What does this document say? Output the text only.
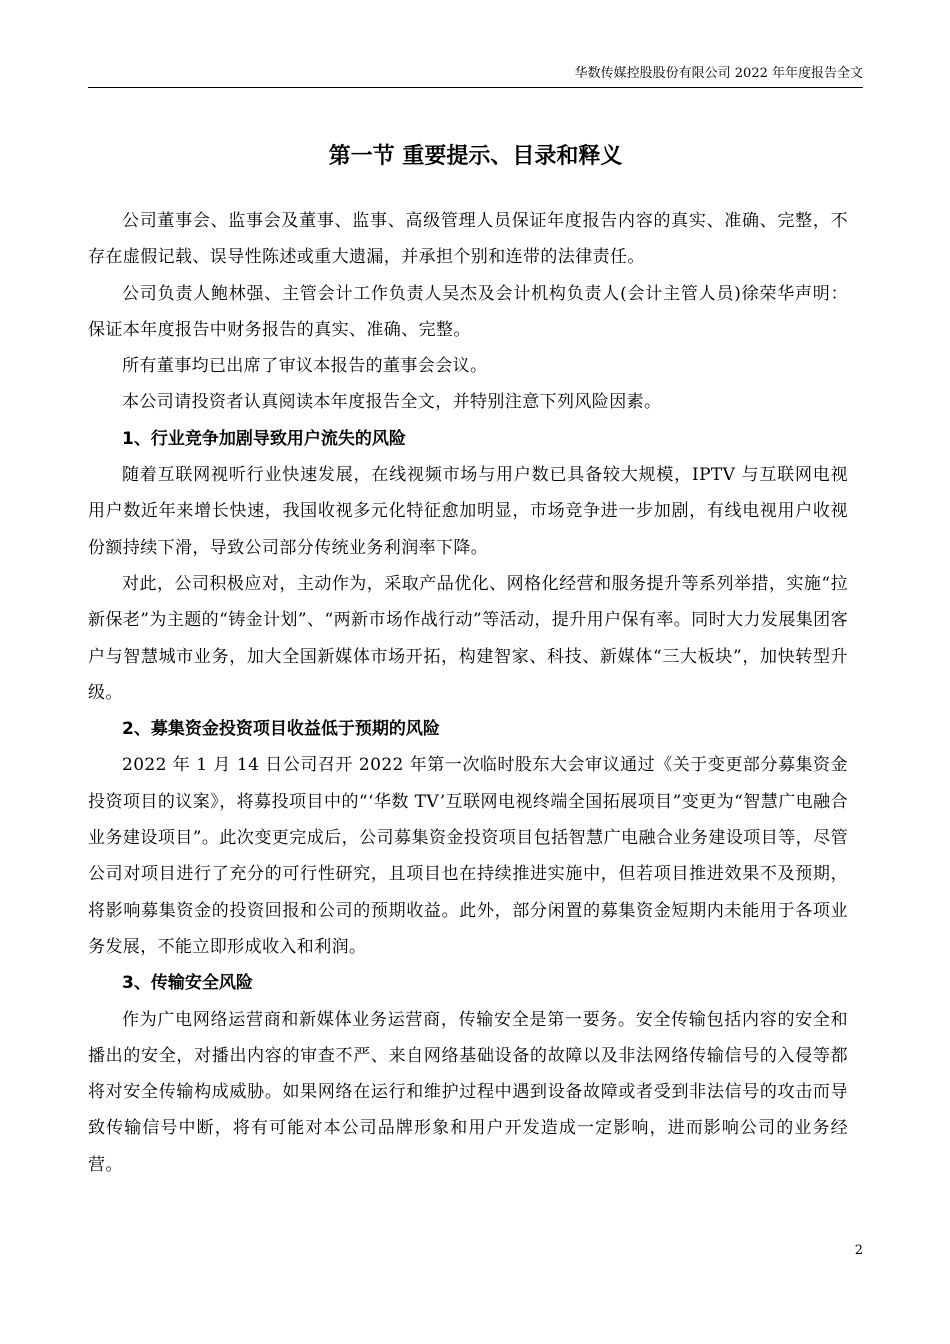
华数传媒控股股份有限公司 2022 年年度报告全文
第一节 重要提示、目录和释义

公司董事会、监事会及董事、监事、高级管理人员保证年度报告内容的真实、准确、完整，不存在虚假记载、误导性陈述或重大遗漏，并承担个别和连带的法律责任。

公司负责人鲍林强、主管会计工作负责人吴杰及会计机构负责人(会计主管人员)徐荣华声明：保证本年度报告中财务报告的真实、准确、完整。

所有董事均已出席了审议本报告的董事会会议。

本公司请投资者认真阅读本年度报告全文，并特别注意下列风险因素。

1、行业竞争加剧导致用户流失的风险

随着互联网视听行业快速发展，在线视频市场与用户数已具备较大规模，IPTV 与互联网电视用户数近年来增长快速，我国收视多元化特征愈加明显，市场竞争进一步加剧，有线电视用户收视份额持续下滑，导致公司部分传统业务利润率下降。

对此，公司积极应对，主动作为，采取产品优化、网格化经营和服务提升等系列举措，实施“拉新保老”为主题的“铸金计划”、“两新市场作战行动”等活动，提升用户保有率。同时大力发展集团客户与智慧城市业务，加大全国新媒体市场开拓，构建智家、科技、新媒体“三大板块”，加快转型升级。

2、募集资金投资项目收益低于预期的风险

2022 年 1 月 14 日公司召开 2022 年第一次临时股东大会审议通过《关于变更部分募集资金投资项目的议案》，将募投项目中的“‘华数 TV’互联网电视终端全国拓展项目”变更为“智慧广电融合业务建设项目”。此次变更完成后，公司募集资金投资项目包括智慧广电融合业务建设项目等，尽管公司对项目进行了充分的可行性研究，且项目也在持续推进实施中，但若项目推进效果不及预期，将影响募集资金的投资回报和公司的预期收益。此外，部分闲置的募集资金短期内未能用于各项业务发展，不能立即形成收入和利润。

3、传输安全风险

作为广电网络运营商和新媒体业务运营商，传输安全是第一要务。安全传输包括内容的安全和播出的安全，对播出内容的审查不严、来自网络基础设备的故障以及非法网络传输信号的入侵等都将对安全传输构成威胁。如果网络在运行和维护过程中遇到设备故障或者受到非法信号的攻击而导致传输信号中断，将有可能对本公司品牌形象和用户开发造成一定影响，进而影响公司的业务经营。

2
